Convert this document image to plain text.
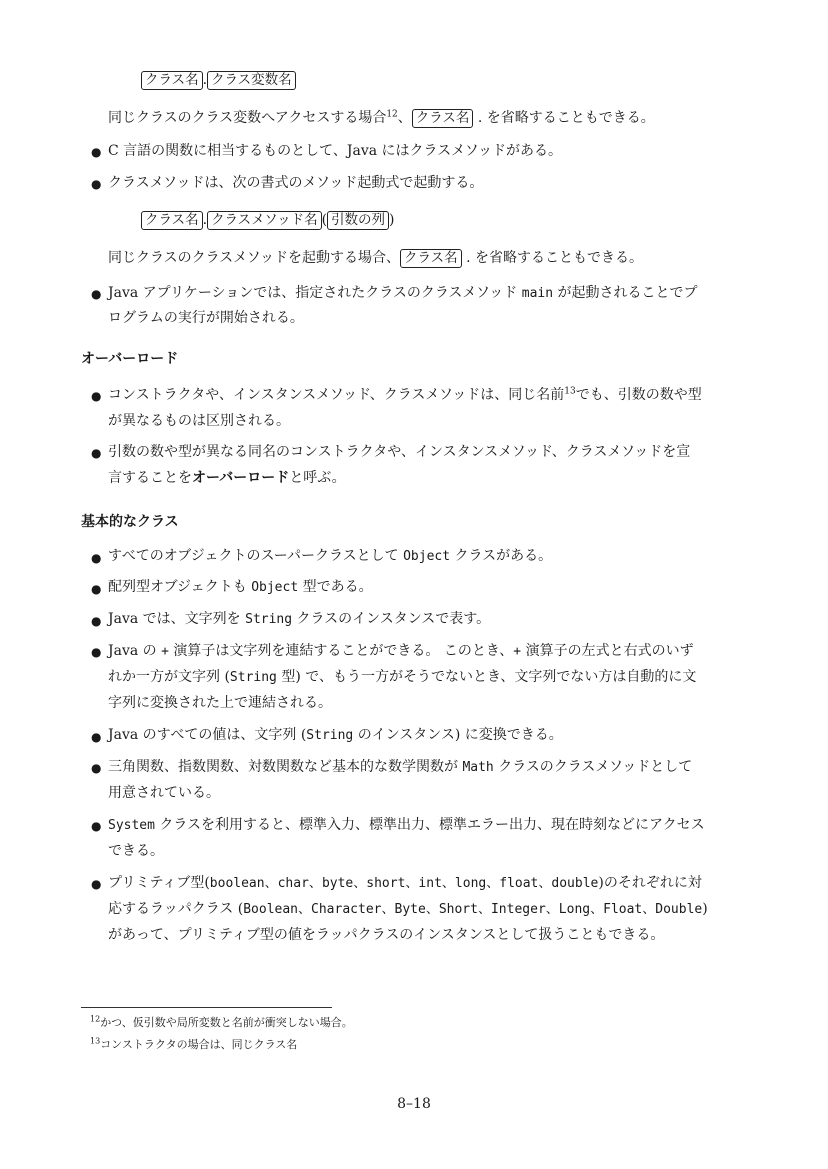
クラス名 . クラス変数名
同じクラスのクラス変数へアクセスする場合$^{12}$、 クラス名 . を省略することもできる。
● C 言語の関数に相当するものとして、Java にはクラスメソッドがある。
● クラスメソッドは、次の書式のメソッド起動式で起動する。
クラス名 . クラスメソッド名 ( 引数の列 )
同じクラスのクラスメソッドを起動する場合、 クラス名 . を省略することもできる。
● Java アプリケーションでは、指定されたクラスのクラスメソッド main が起動されることでプ
ログラムの実行が開始される。
オーバーロード
● コンストラクタや、インスタンスメソッド、クラスメソッドは、同じ名前$^{13}$でも、引数の数や型
が異なるものは区別される。
● 引数の数や型が異なる同名のコンストラクタや、インスタンスメソッド、クラスメソッドを宣
言することをオーバーロードと呼ぶ。
基本的なクラス
● すべてのオブジェクトのスーパークラスとして Object クラスがある。
● 配列型オブジェクトも Object 型である。
● Java では、文字列を String クラスのインスタンスで表す。
● Java の + 演算子は文字列を連結することができる。 このとき、+ 演算子の左式と右式のいず
れか一方が文字列 (String 型) で、もう一方がそうでないとき、文字列でない方は自動的に文
字列に変換された上で連結される。
● Java のすべての値は、文字列 (String のインスタンス) に変換できる。
● 三角関数、指数関数、対数関数など基本的な数学関数が Math クラスのクラスメソッドとして
用意されている。
● System クラスを利用すると、標準入力、標準出力、標準エラー出力、現在時刻などにアクセス
できる。
● プリミティブ型(boolean、char、byte、short、int、long、float、double)のそれぞれに対
応するラッパクラス (Boolean、Character、Byte、Short、Integer、Long、Float、Double)
があって、プリミティブ型の値をラッパクラスのインスタンスとして扱うこともできる。
$^{12}$かつ、仮引数や局所変数と名前が衝突しない場合。
$^{13}$コンストラクタの場合は、同じクラス名
8–18
